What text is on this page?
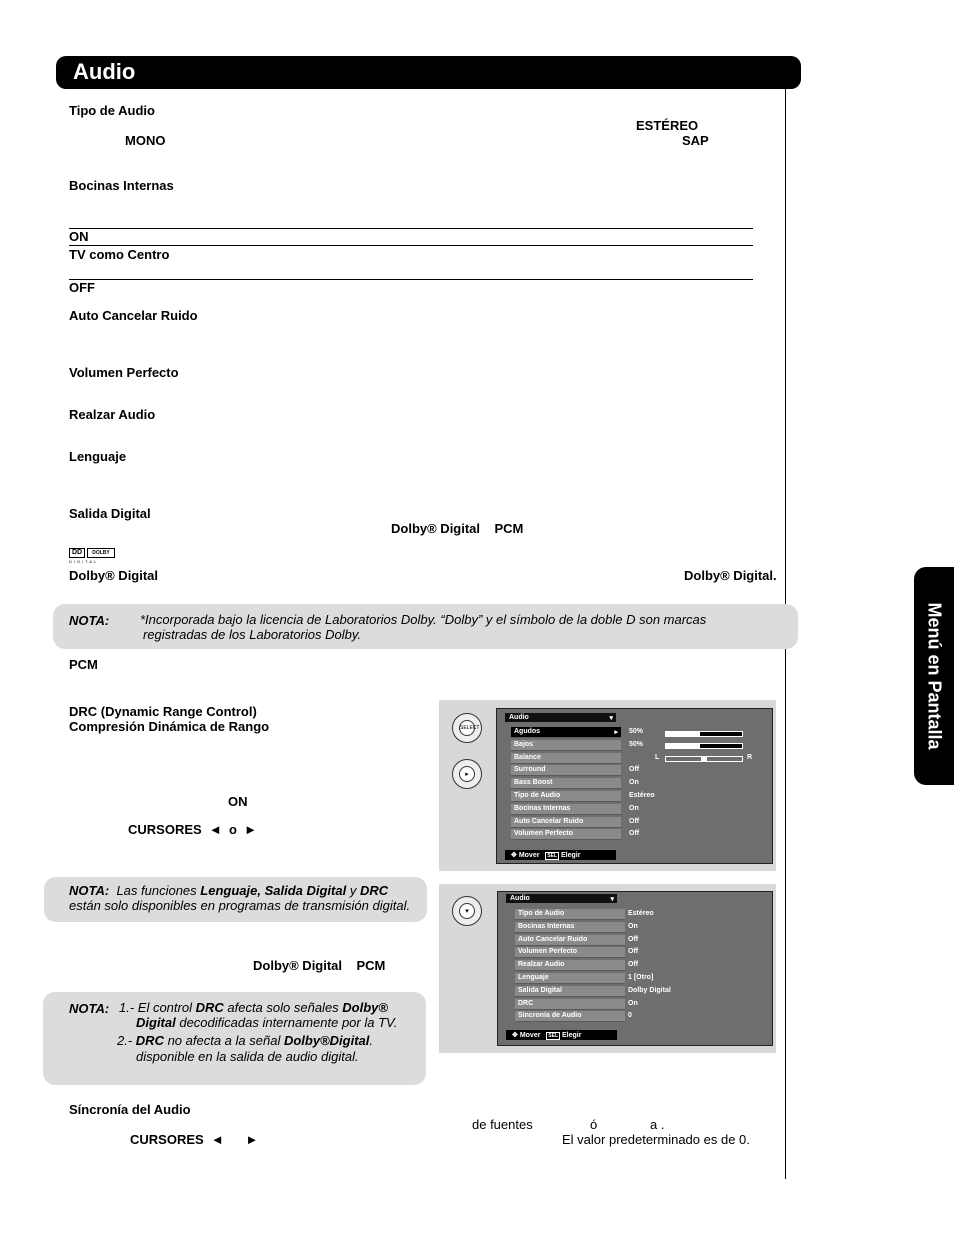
Audio
Menú en Pantalla
Tipo de Audio
ESTÉREO
MONO	SAP
Bocinas Internas
ON
TV como Centro
OFF
Auto Cancelar Ruido
Volumen Perfecto
Realzar Audio
Lenguaje
Salida Digital
Dolby® Digital    PCM
DD	DOLBY
DIGITAL
Dolby® Digital	Dolby® Digital.
NOTA: *Incorporada bajo la licencia de Laboratorios Dolby. “Dolby” y el símbolo de la doble D son marcas
registradas de los Laboratorios Dolby.
PCM
DRC (Dynamic Range Control)
Compresión Dinámica de Rango
ON
CURSORES  ◄  o  ►
NOTA: Las funciones Lenguaje, Salida Digital y DRC
están solo disponibles en programas de transmisión digital.
Dolby® Digital    PCM
NOTA: 1.- El control DRC afecta solo señales Dolby®
Digital decodificadas internamente por la TV.
2.- DRC no afecta a la señal Dolby®Digital.
disponible en la salida de audio digital.
Síncronía del Audio
de fuentes	ó	a .
CURSORES  ◄      ►	El valor predeterminado es de 0.
SELECT
▸
Audio	▾
L	R
✥ Mover SEL Elegir
Agudos	▸ 50%
Bajos	50%
Balance
Surround	Off
Bass Boost	On
Tipo de Audio	Estéreo
Bocinas Internas	On
Auto Cancelar Ruido	Off
Volumen Perfecto	Off
▾
Audio	▾
✥ Mover SEL Elegir
Tipo de Audio	Estéreo
Bocinas Internas	On
Auto Cancelar Ruido	Off
Volumen Perfecto	Off
Realzar Audio	Off
Lenguaje	1 [Otro]
Salida Digital	Dolby Digital
DRC	On
Sincronía de Audio	0
